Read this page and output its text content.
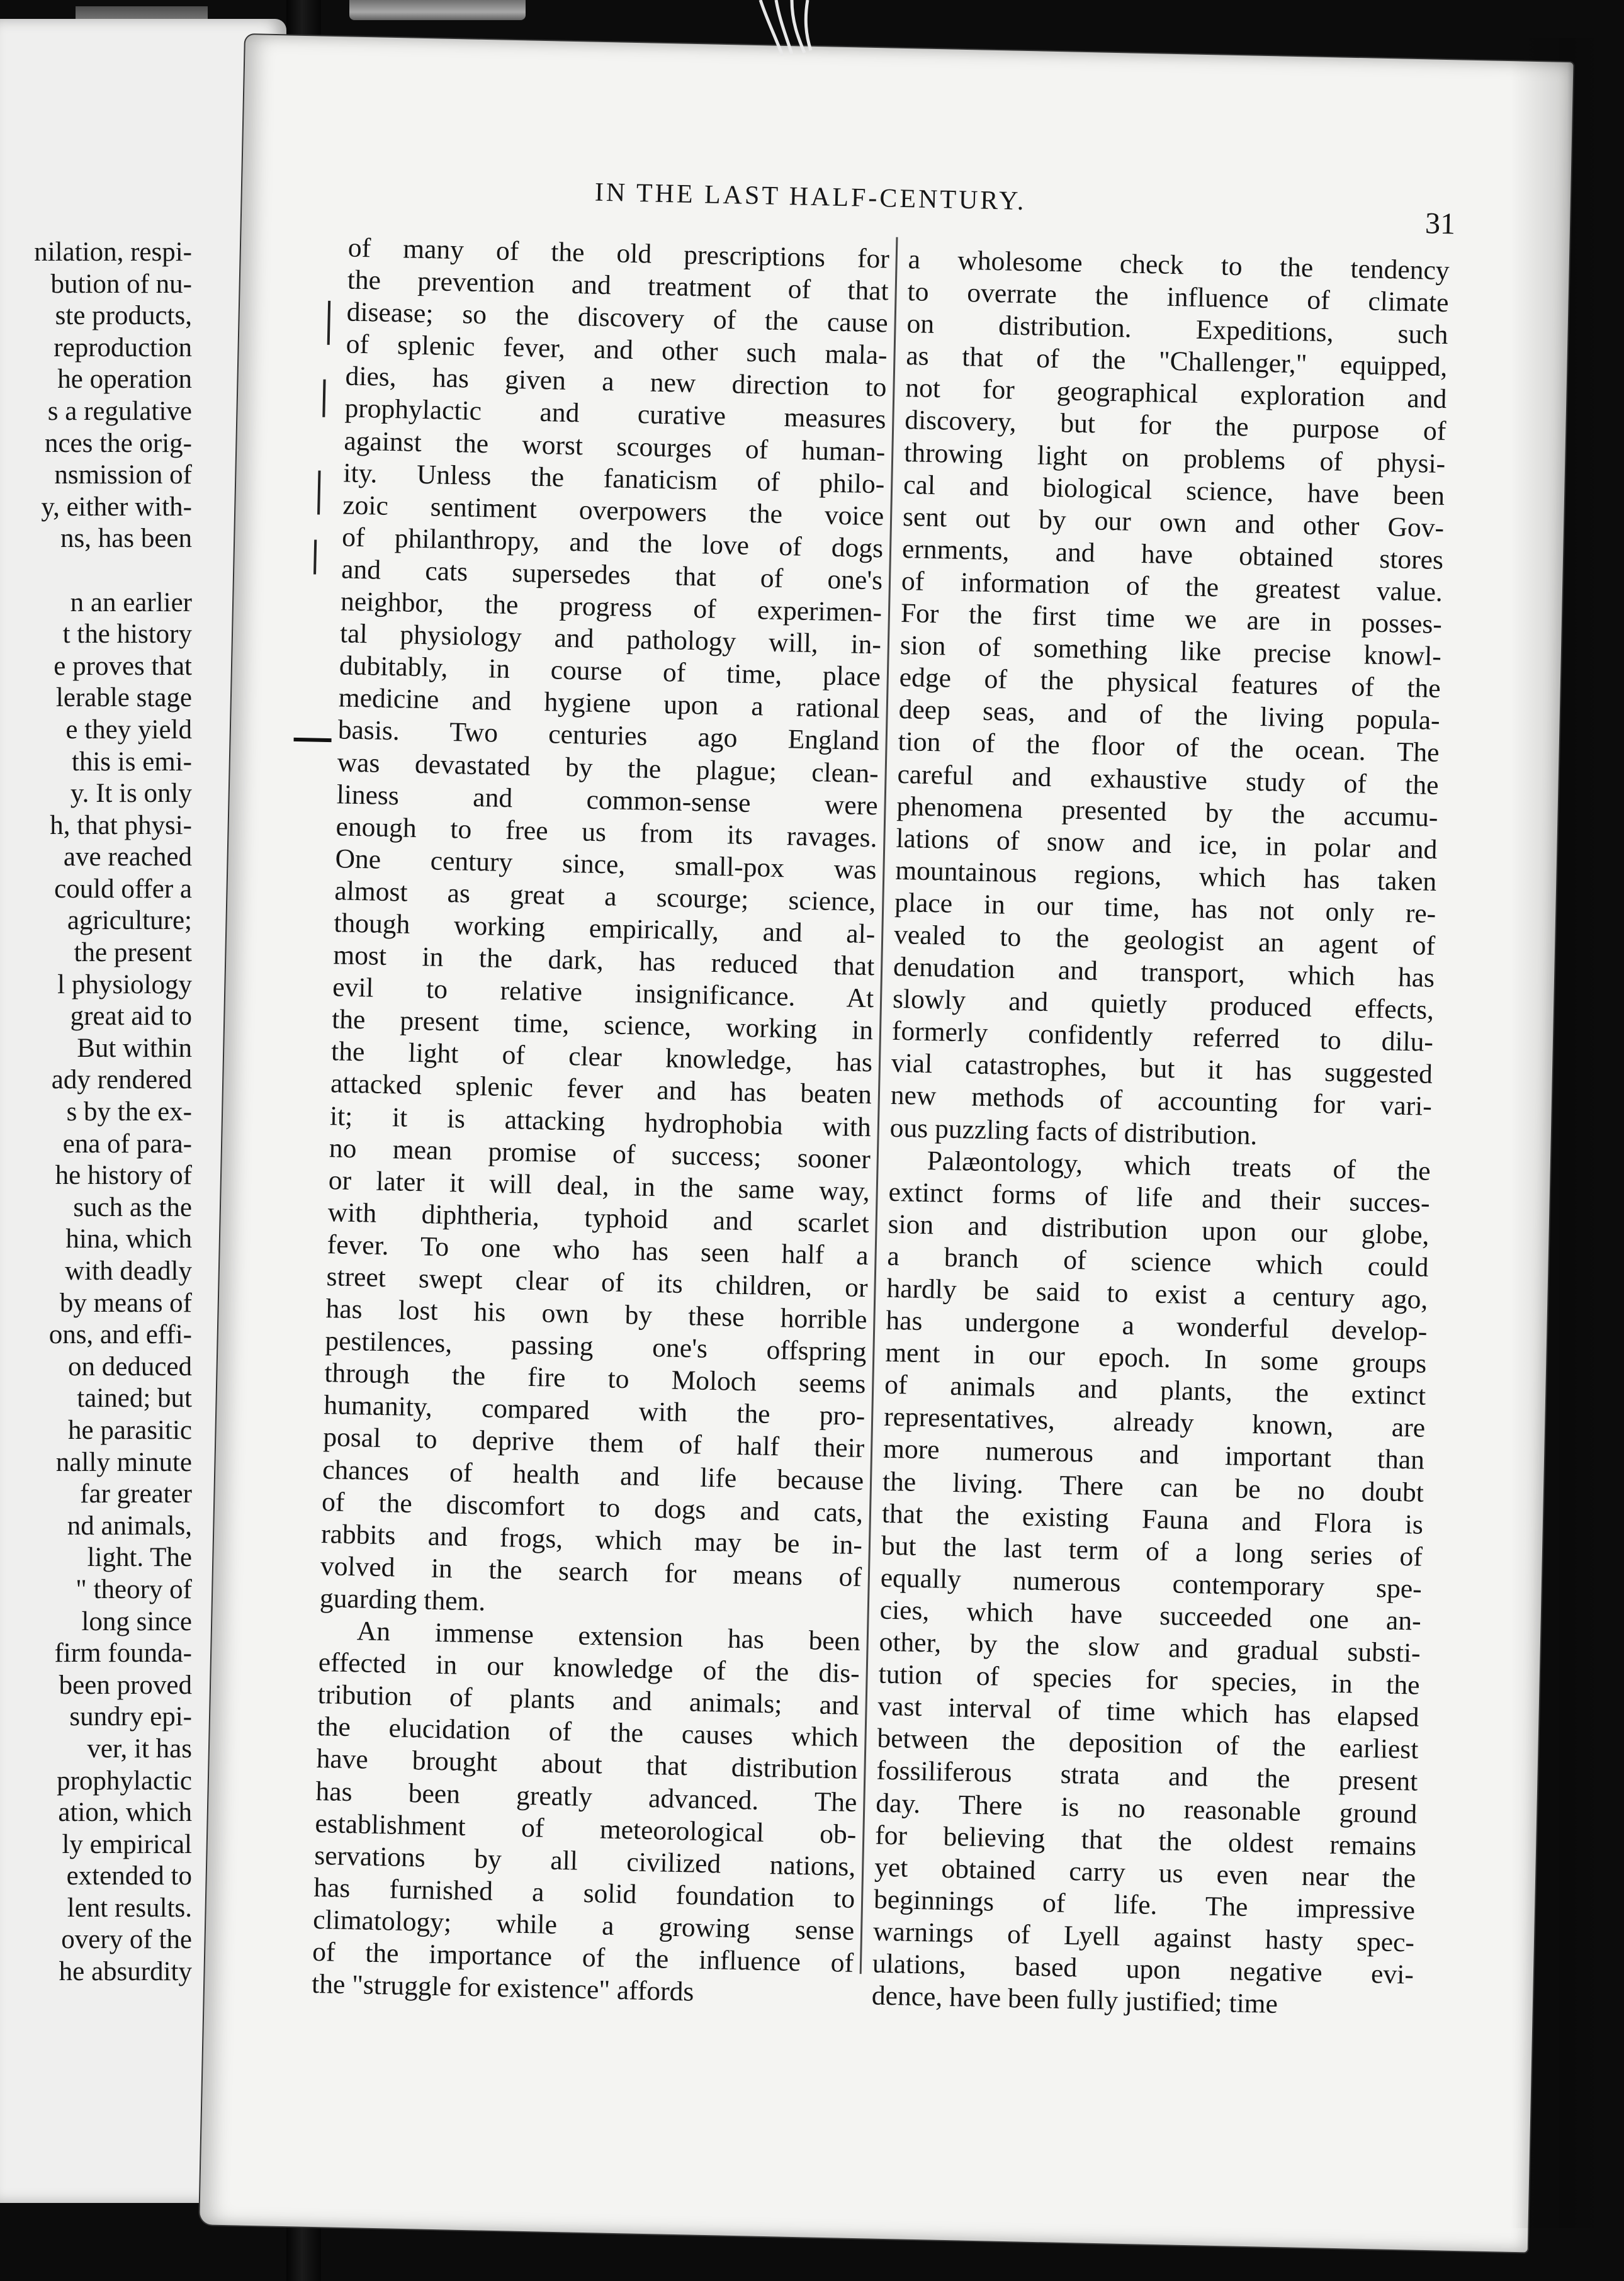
nilation, respi-
bution of nu-
ste products,
reproduction
he operation
s a regulative
nces the orig-
nsmission of
y, either with-
ns, has been
n an earlier
t the history
e proves that
lerable stage
e they yield
this is emi-
y. It is only
h, that physi-
ave reached
could offer a
agriculture;
the present
l physiology
great aid to
But within
ady rendered
s by the ex-
ena of para-
he history of
such as the
hina, which
with deadly
by means of
ons, and effi-
on deduced
tained; but
he parasitic
nally minute
far greater
nd animals,
light. The
" theory of
long since
firm founda-
been proved
sundry epi-
ver, it has
prophylactic
ation, which
ly empirical
extended to
lent results.
overy of the
he absurdity
IN THE LAST HALF-CENTURY.
31
of many of the old prescriptions for
the prevention and treatment of that
disease; so the discovery of the cause
of splenic fever, and other such mala-
dies, has given a new direction to
prophylactic and curative measures
against the worst scourges of human-
ity. Unless the fanaticism of philo-
zoic sentiment overpowers the voice
of philanthropy, and the love of dogs
and cats supersedes that of one's
neighbor, the progress of experimen-
tal physiology and pathology will, in-
dubitably, in course of time, place
medicine and hygiene upon a rational
basis. Two centuries ago England
was devastated by the plague; clean-
liness and common-sense were
enough to free us from its ravages.
One century since, small-pox was
almost as great a scourge; science,
though working empirically, and al-
most in the dark, has reduced that
evil to relative insignificance. At
the present time, science, working in
the light of clear knowledge, has
attacked splenic fever and has beaten
it; it is attacking hydrophobia with
no mean promise of success; sooner
or later it will deal, in the same way,
with diphtheria, typhoid and scarlet
fever. To one who has seen half a
street swept clear of its children, or
has lost his own by these horrible
pestilences, passing one's offspring
through the fire to Moloch seems
humanity, compared with the pro-
posal to deprive them of half their
chances of health and life because
of the discomfort to dogs and cats,
rabbits and frogs, which may be in-
volved in the search for means of
guarding them.
An immense extension has been
effected in our knowledge of the dis-
tribution of plants and animals; and
the elucidation of the causes which
have brought about that distribution
has been greatly advanced. The
establishment of meteorological ob-
servations by all civilized nations,
has furnished a solid foundation to
climatology; while a growing sense
of the importance of the influence of
the "struggle for existence" affords
a wholesome check to the tendency
to overrate the influence of climate
on distribution. Expeditions, such
as that of the "Challenger," equipped,
not for geographical exploration and
discovery, but for the purpose of
throwing light on problems of physi-
cal and biological science, have been
sent out by our own and other Gov-
ernments, and have obtained stores
of information of the greatest value.
For the first time we are in posses-
sion of something like precise knowl-
edge of the physical features of the
deep seas, and of the living popula-
tion of the floor of the ocean. The
careful and exhaustive study of the
phenomena presented by the accumu-
lations of snow and ice, in polar and
mountainous regions, which has taken
place in our time, has not only re-
vealed to the geologist an agent of
denudation and transport, which has
slowly and quietly produced effects,
formerly confidently referred to dilu-
vial catastrophes, but it has suggested
new methods of accounting for vari-
ous puzzling facts of distribution.
Palæontology, which treats of the
extinct forms of life and their succes-
sion and distribution upon our globe,
a branch of science which could
hardly be said to exist a century ago,
has undergone a wonderful develop-
ment in our epoch. In some groups
of animals and plants, the extinct
representatives, already known, are
more numerous and important than
the living. There can be no doubt
that the existing Fauna and Flora is
but the last term of a long series of
equally numerous contemporary spe-
cies, which have succeeded one an-
other, by the slow and gradual substi-
tution of species for species, in the
vast interval of time which has elapsed
between the deposition of the earliest
fossiliferous strata and the present
day. There is no reasonable ground
for believing that the oldest remains
yet obtained carry us even near the
beginnings of life. The impressive
warnings of Lyell against hasty spec-
ulations, based upon negative evi-
dence, have been fully justified; time
